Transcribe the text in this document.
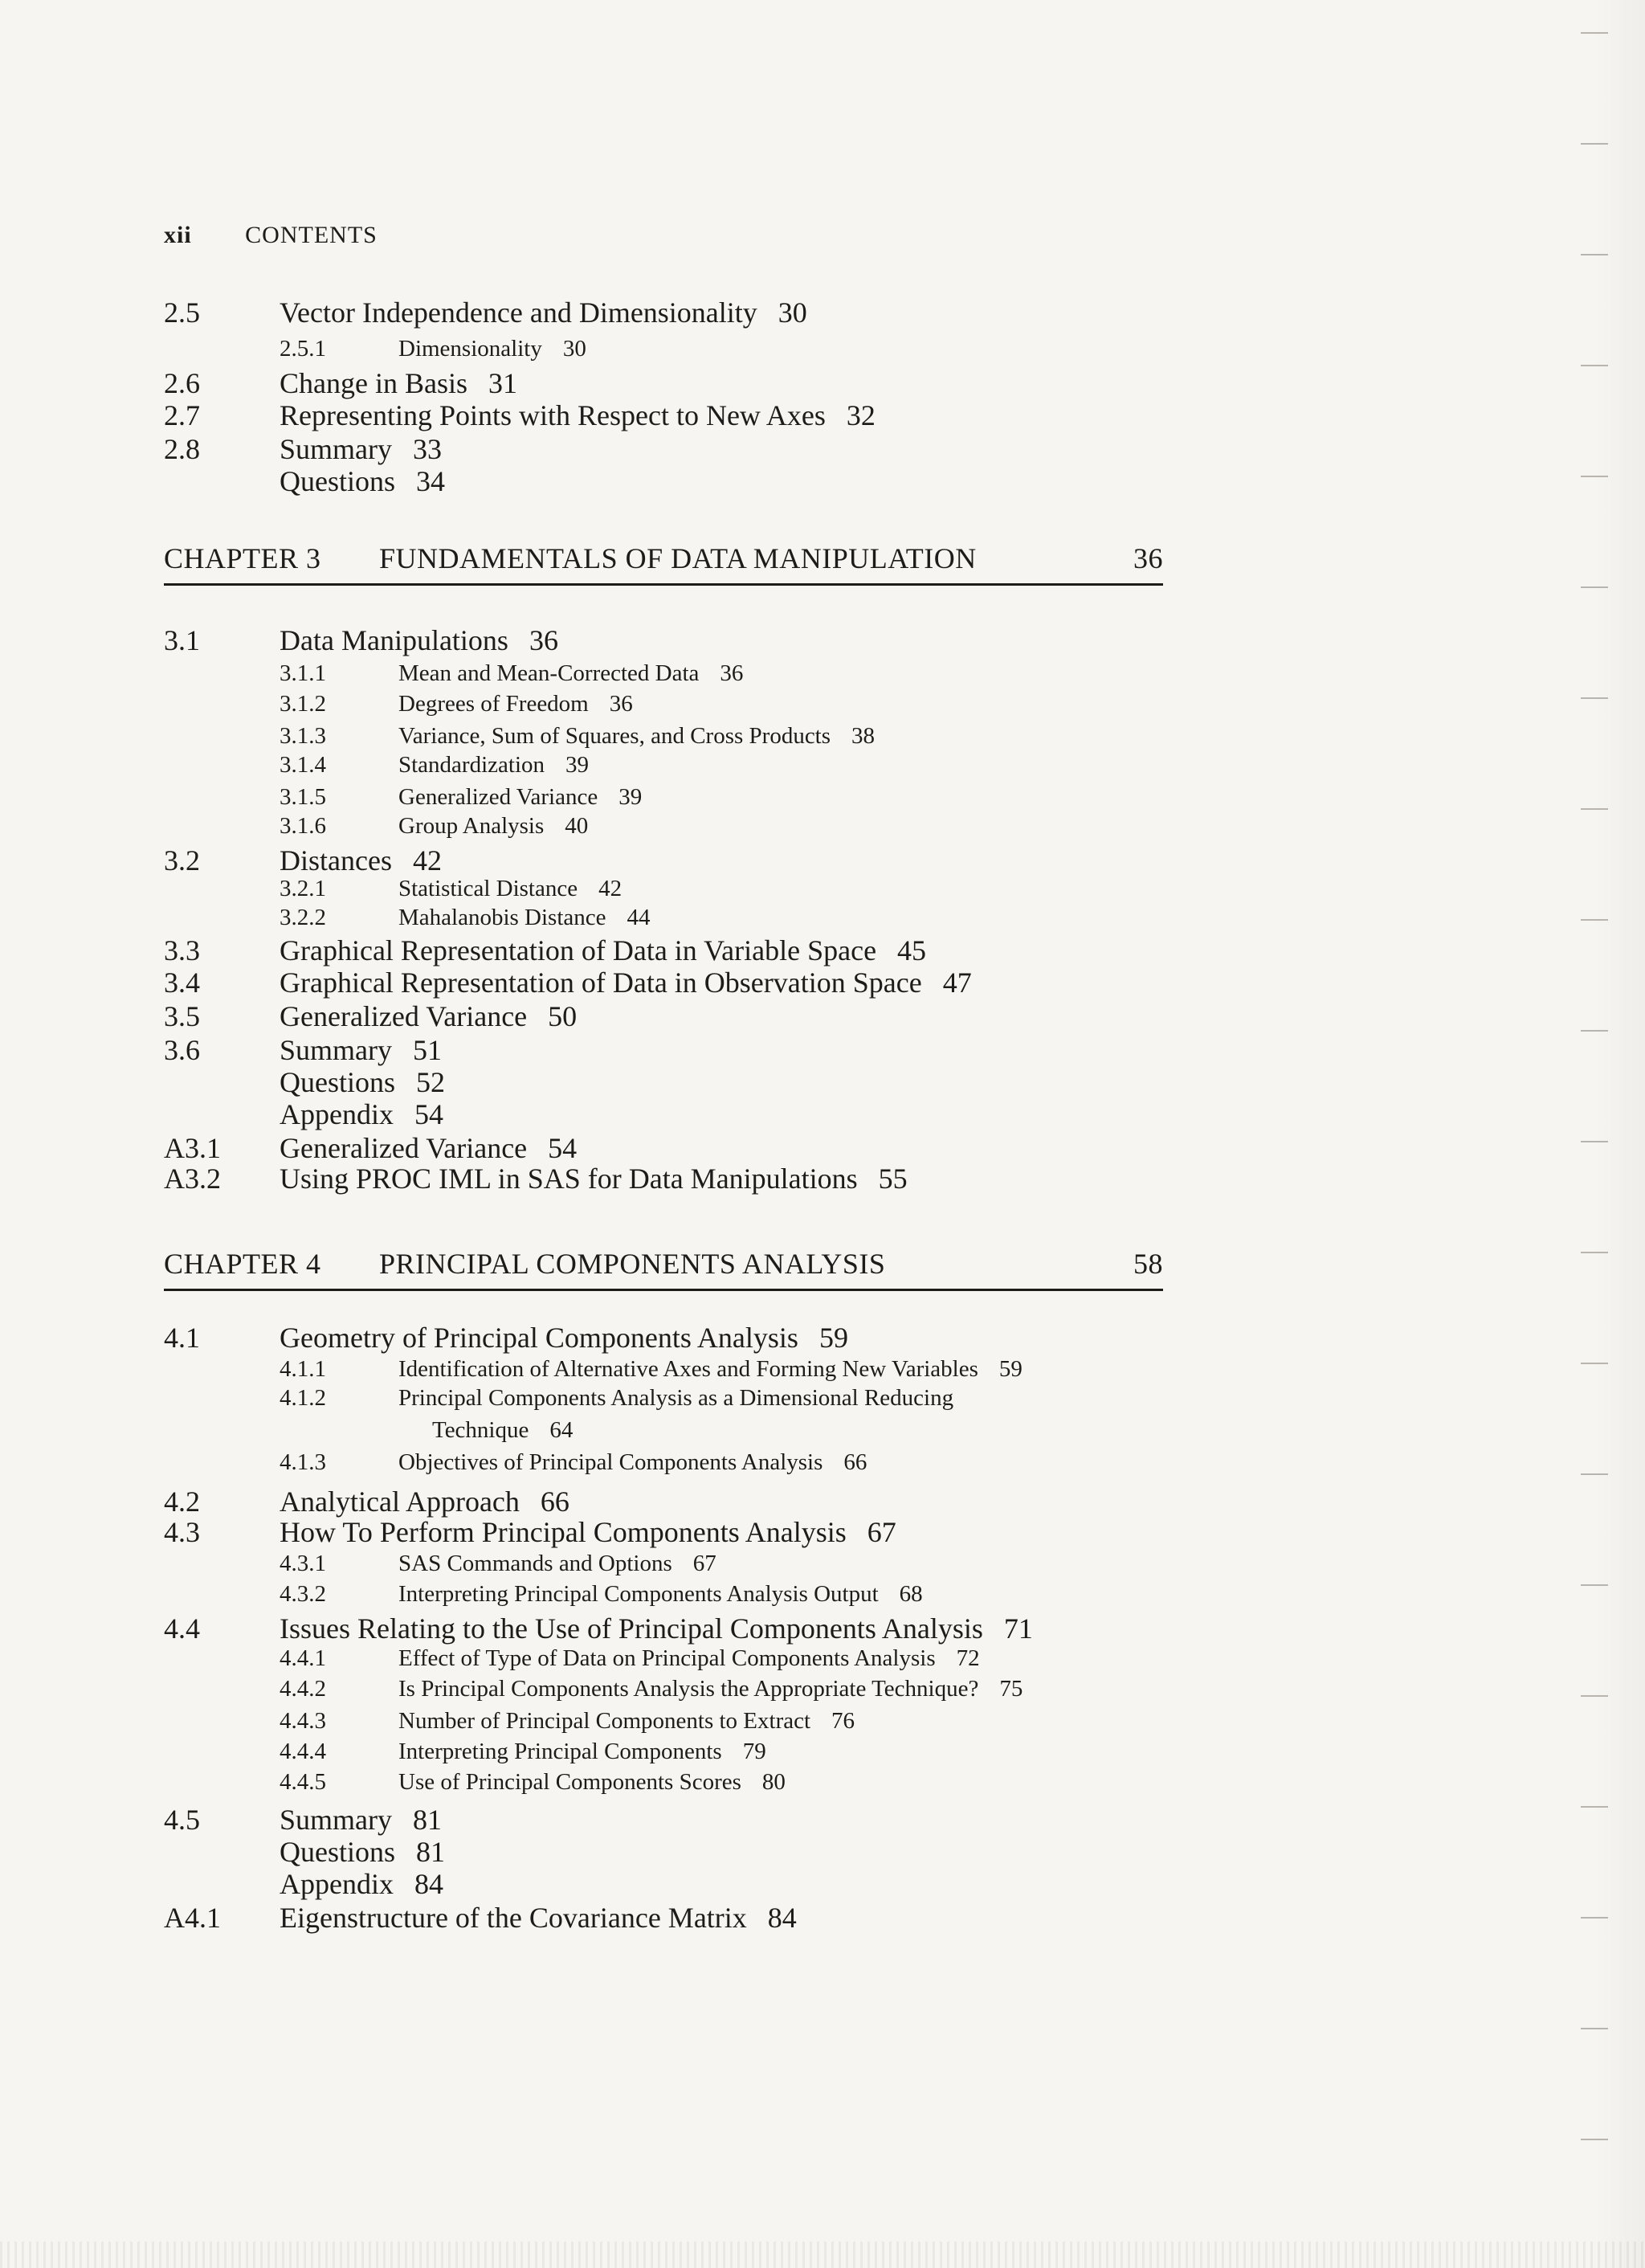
xii CONTENTS
2.5	Vector Independence and Dimensionality 30
2.5.1	Dimensionality 30
2.6	Change in Basis 31
2.7	Representing Points with Respect to New Axes 32
2.8	Summary 33
Questions 34
CHAPTER 3 FUNDAMENTALS OF DATA MANIPULATION	36
3.1	Data Manipulations 36
3.1.1	Mean and Mean-Corrected Data 36
3.1.2	Degrees of Freedom 36
3.1.3	Variance, Sum of Squares, and Cross Products 38
3.1.4	Standardization 39
3.1.5	Generalized Variance 39
3.1.6	Group Analysis 40
3.2	Distances 42
3.2.1	Statistical Distance 42
3.2.2	Mahalanobis Distance 44
3.3	Graphical Representation of Data in Variable Space 45
3.4	Graphical Representation of Data in Observation Space 47
3.5	Generalized Variance 50
3.6	Summary 51
Questions 52
Appendix 54
A3.1 Generalized Variance 54
A3.2 Using PROC IML in SAS for Data Manipulations 55
CHAPTER 4 PRINCIPAL COMPONENTS ANALYSIS	58
4.1	Geometry of Principal Components Analysis 59
4.1.1	Identification of Alternative Axes and Forming New Variables 59
4.1.2	Principal Components Analysis as a Dimensional Reducing
Technique 64
4.1.3	Objectives of Principal Components Analysis 66
4.2	Analytical Approach 66
4.3	How To Perform Principal Components Analysis 67
4.3.1	SAS Commands and Options 67
4.3.2	Interpreting Principal Components Analysis Output 68
4.4	Issues Relating to the Use of Principal Components Analysis 71
4.4.1	Effect of Type of Data on Principal Components Analysis 72
4.4.2	Is Principal Components Analysis the Appropriate Technique? 75
4.4.3	Number of Principal Components to Extract 76
4.4.4	Interpreting Principal Components 79
4.4.5	Use of Principal Components Scores 80
4.5	Summary 81
Questions 81
Appendix 84
A4.1 Eigenstructure of the Covariance Matrix 84
